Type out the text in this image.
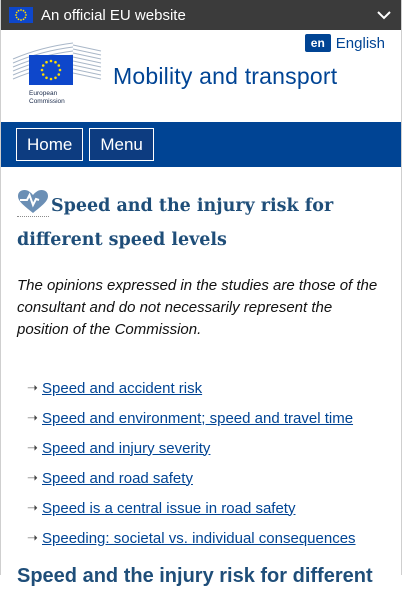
An official EU website
en English
European
Commission
Mobility and transport
Home	Menu
Speed and the injury risk for different speed levels

The opinions expressed in the studies are those of the consultant and do not necessarily represent the position of the Commission.

➝ Speed and accident risk
➝ Speed and environment; speed and travel time
➝ Speed and injury severity
➝ Speed and road safety
➝ Speed is a central issue in road safety
➝ Speeding: societal vs. individual consequences
Speed and the injury risk for different
